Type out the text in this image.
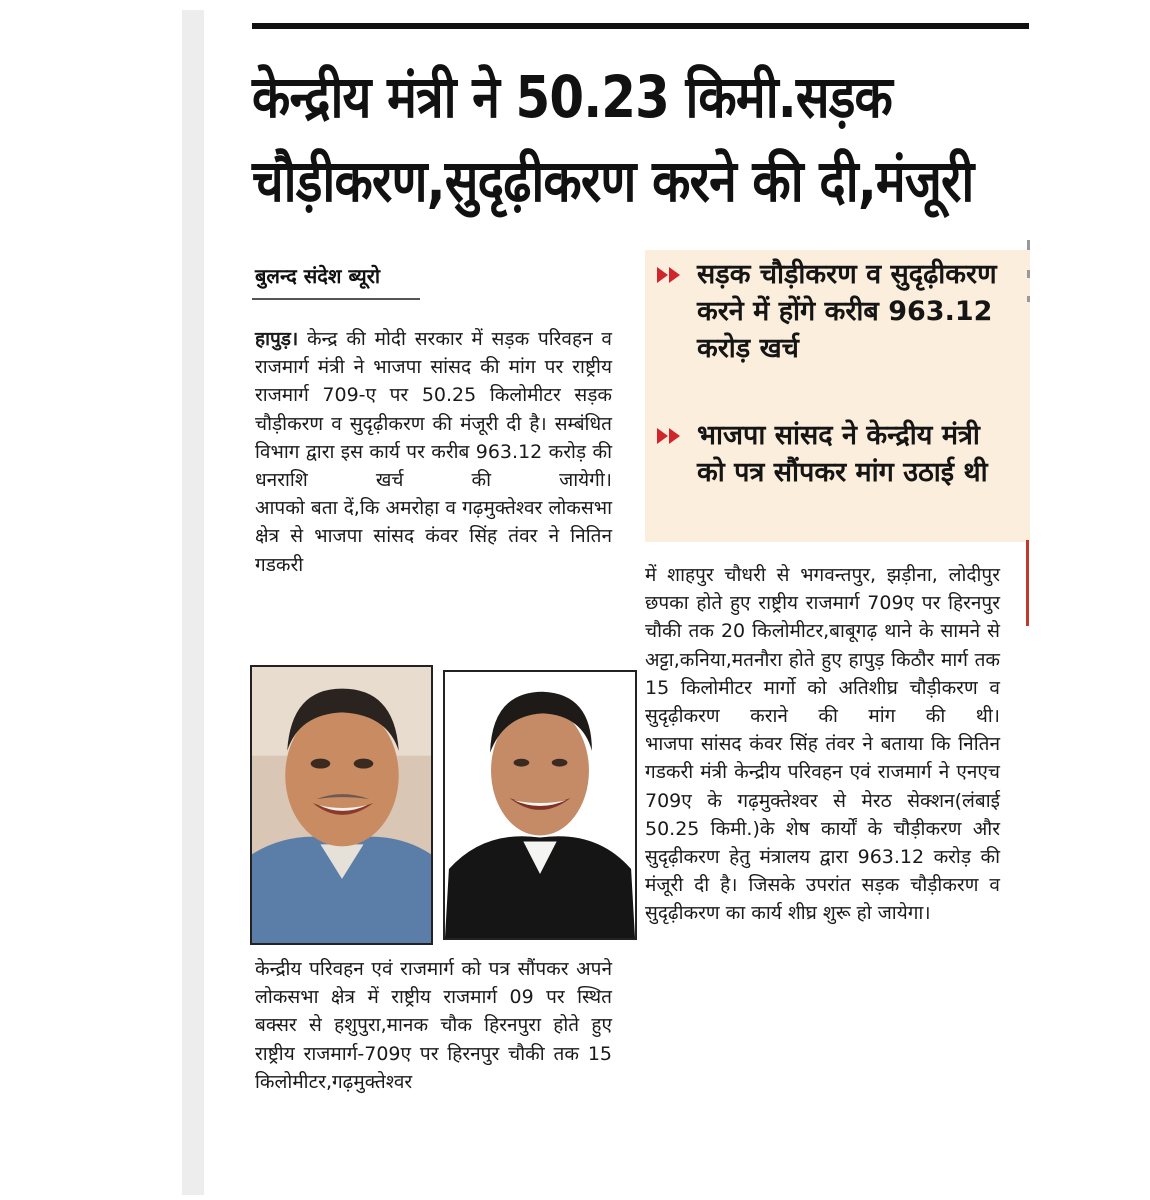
केन्द्रीय मंत्री ने 50.23 किमी.सड़क
चौड़ीकरण,सुदृढ़ीकरण करने की दी,मंजूरी
बुलन्द संदेश ब्यूरो	सड़क चौड़ीकरण व सुदृढ़ीकरण करने में होंगे करीब 963.12 करोड़ खर्च
भाजपा सांसद ने केन्द्रीय मंत्री को पत्र सौंपकर मांग उठाई थी

हापुड़। केन्द्र की मोदी सरकार में सड़क परिवहन व राजमार्ग मंत्री ने भाजपा सांसद की मांग पर राष्ट्रीय राजमार्ग 709-ए पर 50.25 किलोमीटर सड़क चौड़ीकरण व सुदृढ़ीकरण की मंजूरी दी है। सम्बंधित विभाग द्वारा इस कार्य पर करीब 963.12 करोड़ की धनराशि खर्च की जायेगी।

आपको बता दें,कि अमरोहा व गढ़मुक्तेश्वर लोकसभा क्षेत्र से भाजपा सांसद कंवर सिंह तंवर ने नितिन गडकरी

केन्द्रीय परिवहन एवं राजमार्ग को पत्र सौंपकर अपने लोकसभा क्षेत्र में राष्ट्रीय राजमार्ग 09 पर स्थित बक्सर से हशुपुरा,मानक चौक हिरनपुरा होते हुए राष्ट्रीय राजमार्ग-709ए पर हिरनपुर चौकी तक 15 किलोमीटर,गढ़मुक्तेश्वर

में शाहपुर चौधरी से भगवन्तपुर, झड़ीना, लोदीपुर छपका होते हुए राष्ट्रीय राजमार्ग 709ए पर हिरनपुर चौकी तक 20 किलोमीटर,बाबूगढ़ थाने के सामने से अट्टा,कनिया,मतनौरा होते हुए हापुड़ किठौर मार्ग तक 15 किलोमीटर मार्गो को अतिशीघ्र चौड़ीकरण व सुदृढ़ीकरण कराने की मांग की थी।

भाजपा सांसद कंवर सिंह तंवर ने बताया कि नितिन गडकरी मंत्री केन्द्रीय परिवहन एवं राजमार्ग ने एनएच 709ए के गढ़मुक्तेश्वर से मेरठ सेक्शन(लंबाई 50.25 किमी.)के शेष कार्यों के चौड़ीकरण और सुदृढ़ीकरण हेतु मंत्रालय द्वारा 963.12 करोड़ की मंजूरी दी है। जिसके उपरांत सड़क चौड़ीकरण व सुदृढ़ीकरण का कार्य शीघ्र शुरू हो जायेगा।
